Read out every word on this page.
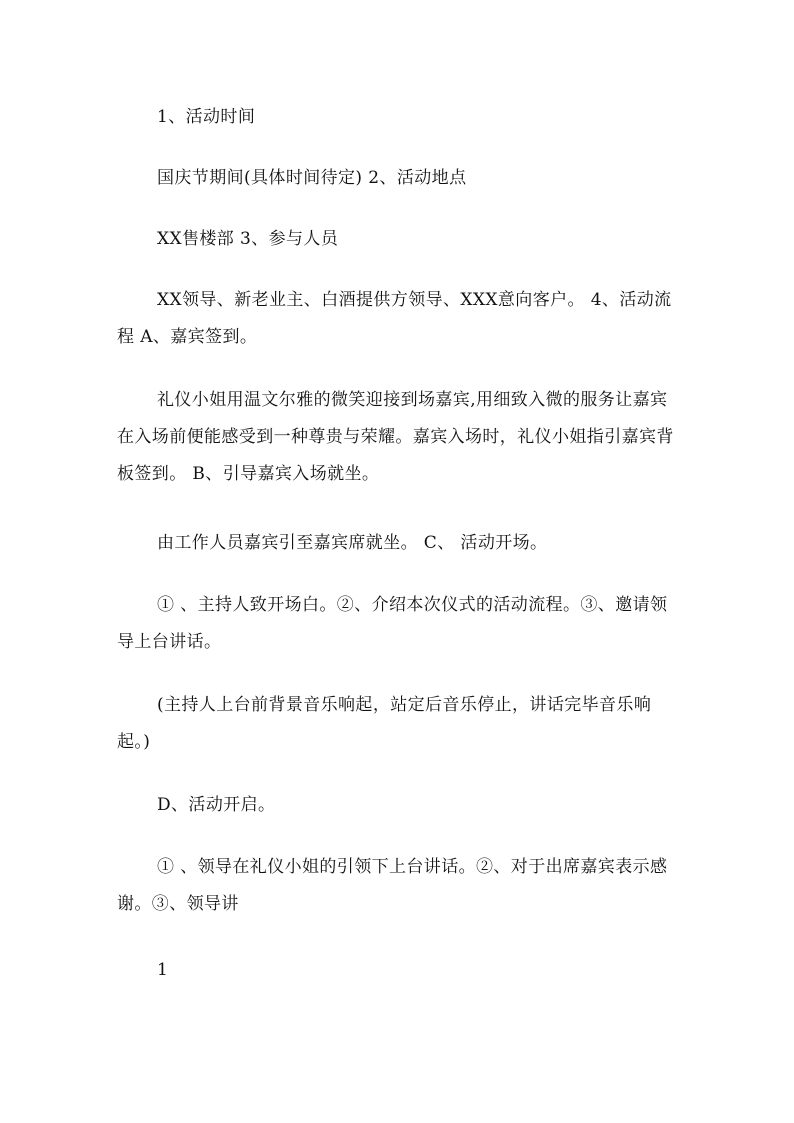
1、活动时间

国庆节期间(具体时间待定) 2、活动地点

XX售楼部 3、参与人员

XX领导、新老业主、白酒提供方领导、XXX意向客户。 4、活动流程 A、嘉宾签到。

礼仪小姐用温文尔雅的微笑迎接到场嘉宾,用细致入微的服务让嘉宾在入场前便能感受到一种尊贵与荣耀。嘉宾入场时，礼仪小姐指引嘉宾背板签到。 B、引导嘉宾入场就坐。

由工作人员嘉宾引至嘉宾席就坐。 C、 活动开场。

① 、主持人致开场白。②、介绍本次仪式的活动流程。③、邀请领导上台讲话。

(主持人上台前背景音乐响起，站定后音乐停止，讲话完毕音乐响起。)

D、活动开启。

① 、领导在礼仪小姐的引领下上台讲话。②、对于出席嘉宾表示感谢。③、领导讲

1
